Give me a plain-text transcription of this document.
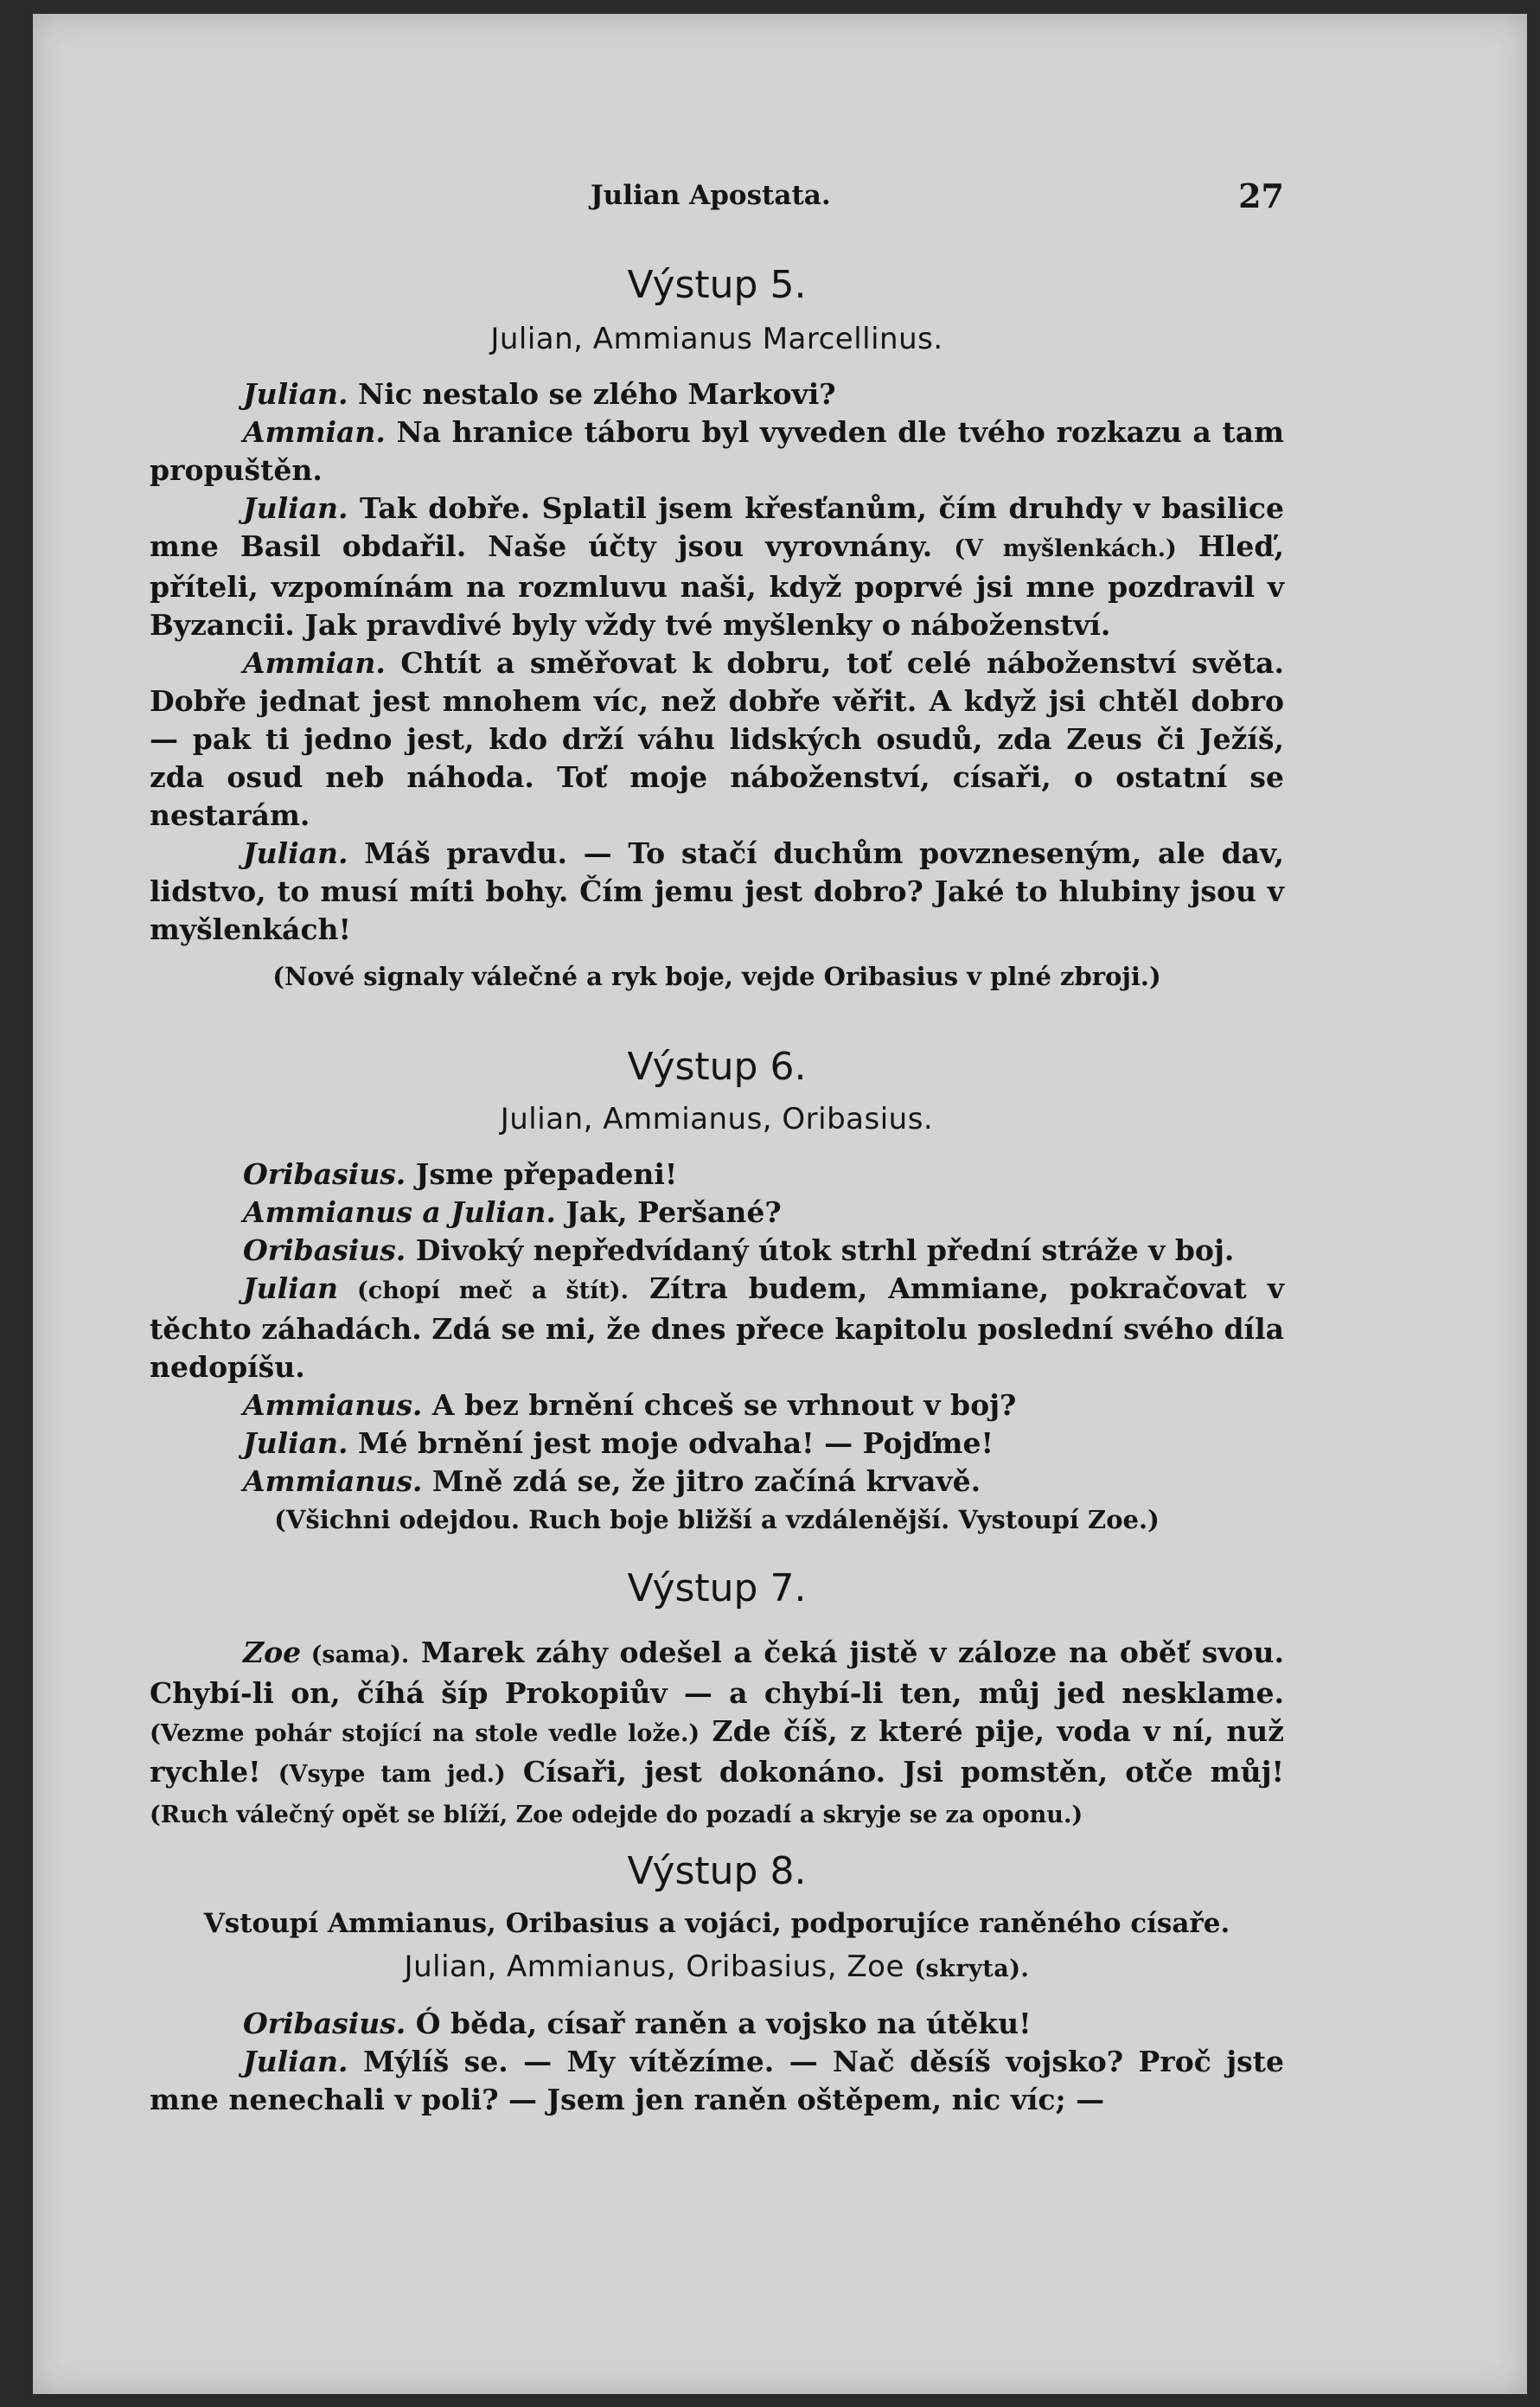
Julian Apostata.	27
Výstup 5.
Julian, Ammianus Marcellinus.

Julian. Nic nestalo se zlého Markovi?

Ammian. Na hranice táboru byl vyveden dle tvého rozkazu a tam propuštěn.

Julian. Tak dobře. Splatil jsem křesťanům, čím druhdy v basilice mne Basil obdařil. Naše účty jsou vyrovnány. (V myšlenkách.) Hleď, příteli, vzpomínám na rozmluvu naši, když poprvé jsi mne pozdravil v Byzancii. Jak pravdivé byly vždy tvé myšlenky o náboženství.

Ammian. Chtít a směřovat k dobru, toť celé náboženství světa. Dobře jednat jest mnohem víc, než dobře věřit. A když jsi chtěl dobro — pak ti jedno jest, kdo drží váhu lidských osudů, zda Zeus či Ježíš, zda osud neb náhoda. Toť moje náboženství, císaři, o ostatní se nestarám.

Julian. Máš pravdu. — To stačí duchům povzneseným, ale dav, lidstvo, to musí míti bohy. Čím jemu jest dobro? Jaké to hlubiny jsou v myšlenkách!

(Nové signaly válečné a ryk boje, vejde Oribasius v plné zbroji.)
Výstup 6.
Julian, Ammianus, Oribasius.

Oribasius. Jsme přepadeni!

Ammianus a Julian. Jak, Peršané?

Oribasius. Divoký nepředvídaný útok strhl přední stráže v boj.

Julian (chopí meč a štít). Zítra budem, Ammiane, pokračovat v těchto záhadách. Zdá se mi, že dnes přece kapitolu poslední svého díla nedopíšu.

Ammianus. A bez brnění chceš se vrhnout v boj?

Julian. Mé brnění jest moje odvaha! — Pojďme!

Ammianus. Mně zdá se, že jitro začíná krvavě.

(Všichni odejdou. Ruch boje bližší a vzdálenější. Vystoupí Zoe.)
Výstup 7.

Zoe (sama). Marek záhy odešel a čeká jistě v záloze na oběť svou. Chybí-li on, číhá šíp Prokopiův — a chybí-li ten, můj jed nesklame. (Vezme pohár stojící na stole vedle lože.) Zde číš, z které pije, voda v ní, nuž rychle! (Vsype tam jed.) Císaři, jest dokonáno. Jsi pomstěn, otče můj! (Ruch válečný opět se blíží, Zoe odejde do pozadí a skryje se za oponu.)

Výstup 8.
Vstoupí Ammianus, Oribasius a vojáci, podporujíce raněného císaře.
Julian, Ammianus, Oribasius, Zoe (skryta).

Oribasius. Ó běda, císař raněn a vojsko na útěku!

Julian. Mýlíš se. — My vítězíme. — Nač děsíš vojsko? Proč jste mne nenechali v poli? — Jsem jen raněn oštěpem, nic víc; —
